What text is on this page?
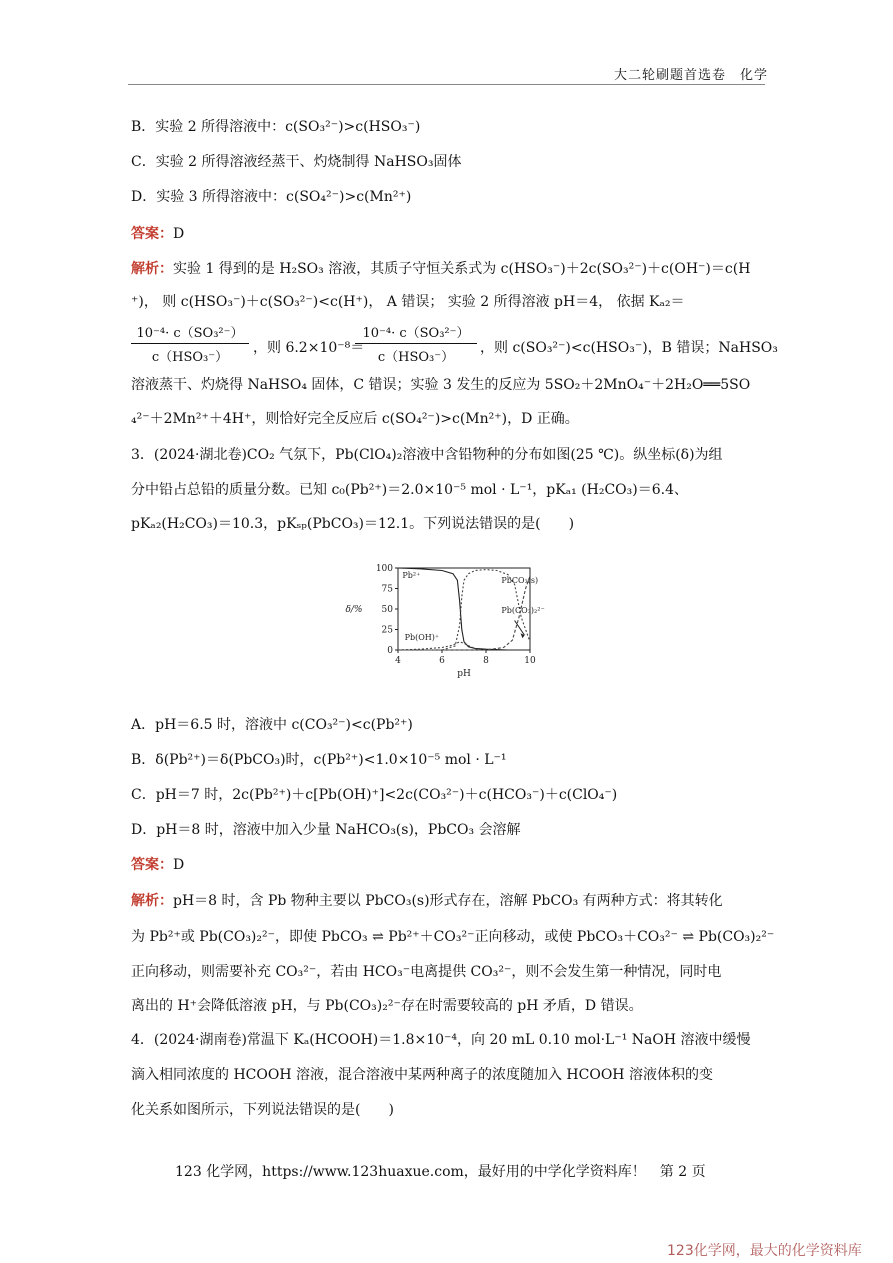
大二轮刷题首选卷　化学
B．实验 2 所得溶液中：c(SO₃²⁻)>c(HSO₃⁻)
C．实验 2 所得溶液经蒸干、灼烧制得 NaHSO₃固体
D．实验 3 所得溶液中：c(SO₄²⁻)>c(Mn²⁺)
答案：D
解析：实验 1 得到的是 H₂SO₃ 溶液，其质子守恒关系式为 c(HSO₃⁻)＋2c(SO₃²⁻)＋c(OH⁻)＝c(H
⁺)， 则 c(HSO₃⁻)＋c(SO₃²⁻)<c(H⁺)， A 错误； 实验 2 所得溶液 pH＝4， 依据 Kₐ₂＝
10⁻⁴· c（SO₃²⁻）
c（HSO₃⁻）
，则 6.2×10⁻⁸＝
10⁻⁴· c（SO₃²⁻）
c（HSO₃⁻）
，则 c(SO₃²⁻)<c(HSO₃⁻)，B 错误；NaHSO₃
溶液蒸干、灼烧得 NaHSO₄ 固体，C 错误；实验 3 发生的反应为 5SO₂＋2MnO₄⁻＋2H₂O══5SO
₄²⁻＋2Mn²⁺＋4H⁺，则恰好完全反应后 c(SO₄²⁻)>c(Mn²⁺)，D 正确。
3．(2024·湖北卷)CO₂ 气氛下，Pb(ClO₄)₂溶液中含铅物种的分布如图(25 ℃)。纵坐标(δ)为组
分中铅占总铅的质量分数。已知 c₀(Pb²⁺)＝2.0×10⁻⁵ mol · L⁻¹，pKₐ₁ (H₂CO₃)＝6.4、
pKₐ₂(H₂CO₃)＝10.3，pKₛₚ(PbCO₃)＝12.1。下列说法错误的是(　　)
0
25
50
75
100
4	6	8	10
pH
δ/%
Pb²⁺
PbCO₃(s)
Pb(CO₃)₂²⁻
Pb(OH)⁺
A．pH＝6.5 时，溶液中 c(CO₃²⁻)<c(Pb²⁺)
B．δ(Pb²⁺)＝δ(PbCO₃)时，c(Pb²⁺)<1.0×10⁻⁵ mol · L⁻¹
C．pH＝7 时，2c(Pb²⁺)＋c[Pb(OH)⁺]<2c(CO₃²⁻)＋c(HCO₃⁻)＋c(ClO₄⁻)
D．pH＝8 时，溶液中加入少量 NaHCO₃(s)，PbCO₃ 会溶解
答案：D
解析：pH＝8 时，含 Pb 物种主要以 PbCO₃(s)形式存在，溶解 PbCO₃ 有两种方式：将其转化
为 Pb²⁺或 Pb(CO₃)₂²⁻，即使 PbCO₃ ⇌ Pb²⁺＋CO₃²⁻正向移动，或使 PbCO₃＋CO₃²⁻ ⇌ Pb(CO₃)₂²⁻
正向移动，则需要补充 CO₃²⁻，若由 HCO₃⁻电离提供 CO₃²⁻，则不会发生第一种情况，同时电
离出的 H⁺会降低溶液 pH，与 Pb(CO₃)₂²⁻存在时需要较高的 pH 矛盾，D 错误。
4．(2024·湖南卷)常温下 Kₐ(HCOOH)＝1.8×10⁻⁴，向 20 mL 0.10 mol·L⁻¹ NaOH 溶液中缓慢
滴入相同浓度的 HCOOH 溶液，混合溶液中某两种离子的浓度随加入 HCOOH 溶液体积的变
化关系如图所示，下列说法错误的是(　　)
123 化学网，https://www.123huaxue.com，最好用的中学化学资料库！　第 2 页
123化学网，最大的化学资料库
